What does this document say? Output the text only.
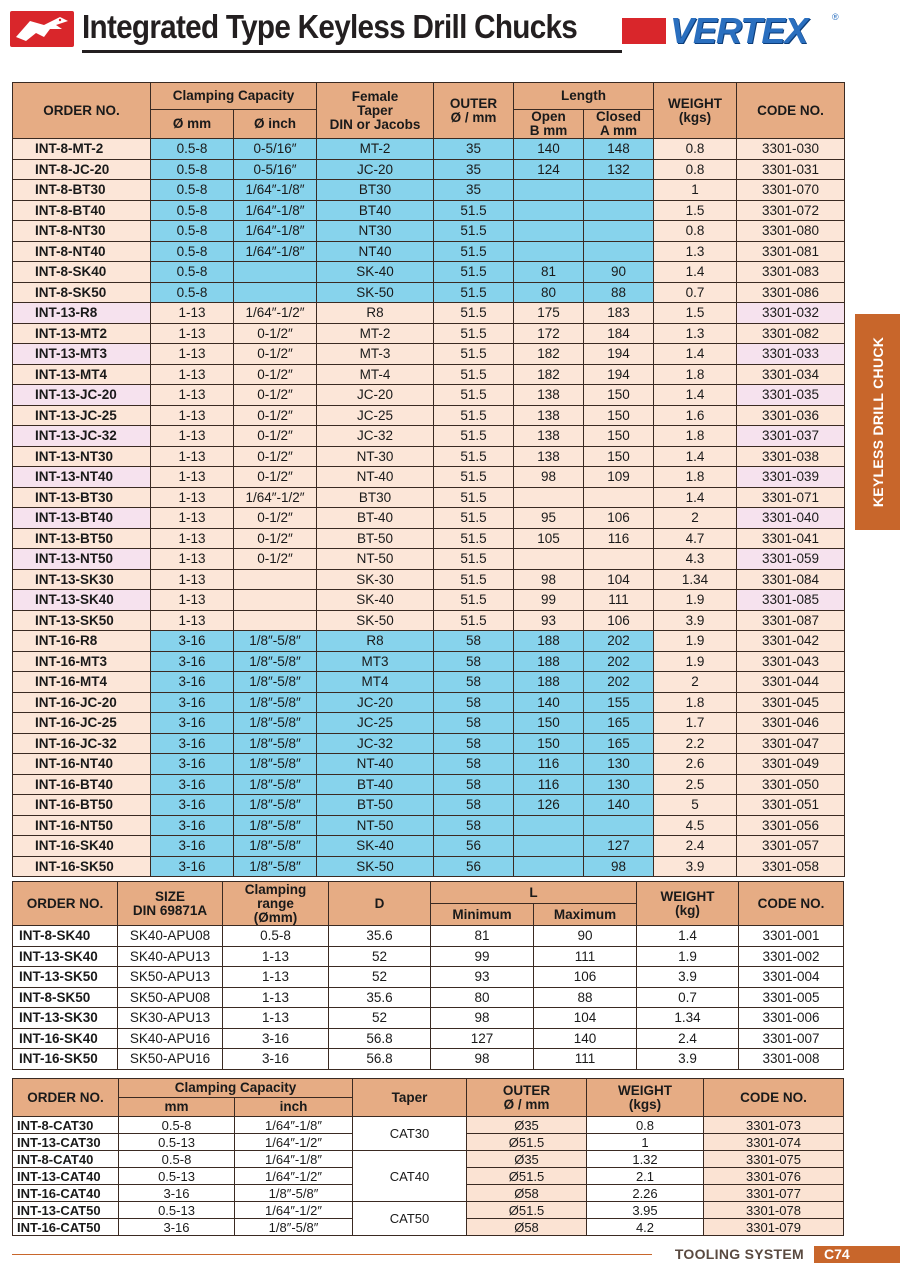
Integrated Type Keyless Drill Chucks	VERTEX	®
ORDER NO.	Clamping Capacity		Female
Taper
DIN or Jacobs	OUTER
Ø / mm	Length		WEIGHT
(kgs)	CODE NO.
	Ø mm	Ø inch			Open
B mm	Closed
A mm		
INT-8-MT-2	0.5-8	0-5/16″	MT-2	35	140	148	0.8	3301-030
INT-8-JC-20	0.5-8	0-5/16″	JC-20	35	124	132	0.8	3301-031
INT-8-BT30	0.5-8	1/64″-1/8″	BT30	35			1	3301-070
INT-8-BT40	0.5-8	1/64″-1/8″	BT40	51.5			1.5	3301-072
INT-8-NT30	0.5-8	1/64″-1/8″	NT30	51.5			0.8	3301-080
INT-8-NT40	0.5-8	1/64″-1/8″	NT40	51.5			1.3	3301-081
INT-8-SK40	0.5-8		SK-40	51.5	81	90	1.4	3301-083
INT-8-SK50	0.5-8		SK-50	51.5	80	88	0.7	3301-086
INT-13-R8	1-13	1/64″-1/2″	R8	51.5	175	183	1.5	3301-032
INT-13-MT2	1-13	0-1/2″	MT-2	51.5	172	184	1.3	3301-082
INT-13-MT3	1-13	0-1/2″	MT-3	51.5	182	194	1.4	3301-033
INT-13-MT4	1-13	0-1/2″	MT-4	51.5	182	194	1.8	3301-034
INT-13-JC-20	1-13	0-1/2″	JC-20	51.5	138	150	1.4	3301-035
INT-13-JC-25	1-13	0-1/2″	JC-25	51.5	138	150	1.6	3301-036
INT-13-JC-32	1-13	0-1/2″	JC-32	51.5	138	150	1.8	3301-037
INT-13-NT30	1-13	0-1/2″	NT-30	51.5	138	150	1.4	3301-038
INT-13-NT40	1-13	0-1/2″	NT-40	51.5	98	109	1.8	3301-039
INT-13-BT30	1-13	1/64″-1/2″	BT30	51.5			1.4	3301-071
INT-13-BT40	1-13	0-1/2″	BT-40	51.5	95	106	2	3301-040
INT-13-BT50	1-13	0-1/2″	BT-50	51.5	105	116	4.7	3301-041
INT-13-NT50	1-13	0-1/2″	NT-50	51.5			4.3	3301-059
INT-13-SK30	1-13		SK-30	51.5	98	104	1.34	3301-084
INT-13-SK40	1-13		SK-40	51.5	99	111	1.9	3301-085
INT-13-SK50	1-13		SK-50	51.5	93	106	3.9	3301-087
INT-16-R8	3-16	1/8″-5/8″	R8	58	188	202	1.9	3301-042
INT-16-MT3	3-16	1/8″-5/8″	MT3	58	188	202	1.9	3301-043
INT-16-MT4	3-16	1/8″-5/8″	MT4	58	188	202	2	3301-044
INT-16-JC-20	3-16	1/8″-5/8″	JC-20	58	140	155	1.8	3301-045
INT-16-JC-25	3-16	1/8″-5/8″	JC-25	58	150	165	1.7	3301-046
INT-16-JC-32	3-16	1/8″-5/8″	JC-32	58	150	165	2.2	3301-047
INT-16-NT40	3-16	1/8″-5/8″	NT-40	58	116	130	2.6	3301-049
INT-16-BT40	3-16	1/8″-5/8″	BT-40	58	116	130	2.5	3301-050
INT-16-BT50	3-16	1/8″-5/8″	BT-50	58	126	140	5	3301-051
INT-16-NT50	3-16	1/8″-5/8″	NT-50	58			4.5	3301-056
INT-16-SK40	3-16	1/8″-5/8″	SK-40	56		127	2.4	3301-057
INT-16-SK50	3-16	1/8″-5/8″	SK-50	56		98	3.9	3301-058
ORDER NO.	SIZE
DIN 69871A	Clamping
range
(Ømm)	D	L		WEIGHT
(kg)	CODE NO.
				Minimum	Maximum		
INT-8-SK40	SK40-APU08	0.5-8	35.6	81	90	1.4	3301-001
INT-13-SK40	SK40-APU13	1-13	52	99	111	1.9	3301-002
INT-13-SK50	SK50-APU13	1-13	52	93	106	3.9	3301-004
INT-8-SK50	SK50-APU08	1-13	35.6	80	88	0.7	3301-005
INT-13-SK30	SK30-APU13	1-13	52	98	104	1.34	3301-006
INT-16-SK40	SK40-APU16	3-16	56.8	127	140	2.4	3301-007
INT-16-SK50	SK50-APU16	3-16	56.8	98	111	3.9	3301-008
ORDER NO.	Clamping Capacity		Taper	OUTER
Ø / mm	WEIGHT
(kgs)	CODE NO.
	mm	inch				
INT-8-CAT30	0.5-8	1/64″-1/8″	CAT30	Ø35	0.8	3301-073
INT-13-CAT30	0.5-13	1/64″-1/2″		Ø51.5	1	3301-074
INT-8-CAT40	0.5-8	1/64″-1/8″	CAT40	Ø35	1.32	3301-075
INT-13-CAT40	0.5-13	1/64″-1/2″		Ø51.5	2.1	3301-076
INT-16-CAT40	3-16	1/8″-5/8″		Ø58	2.26	3301-077
INT-13-CAT50	0.5-13	1/64″-1/2″	CAT50	Ø51.5	3.95	3301-078
INT-16-CAT50	3-16	1/8″-5/8″		Ø58	4.2	3301-079
KEYLESS DRILL CHUCK
TOOLING SYSTEM	C74
